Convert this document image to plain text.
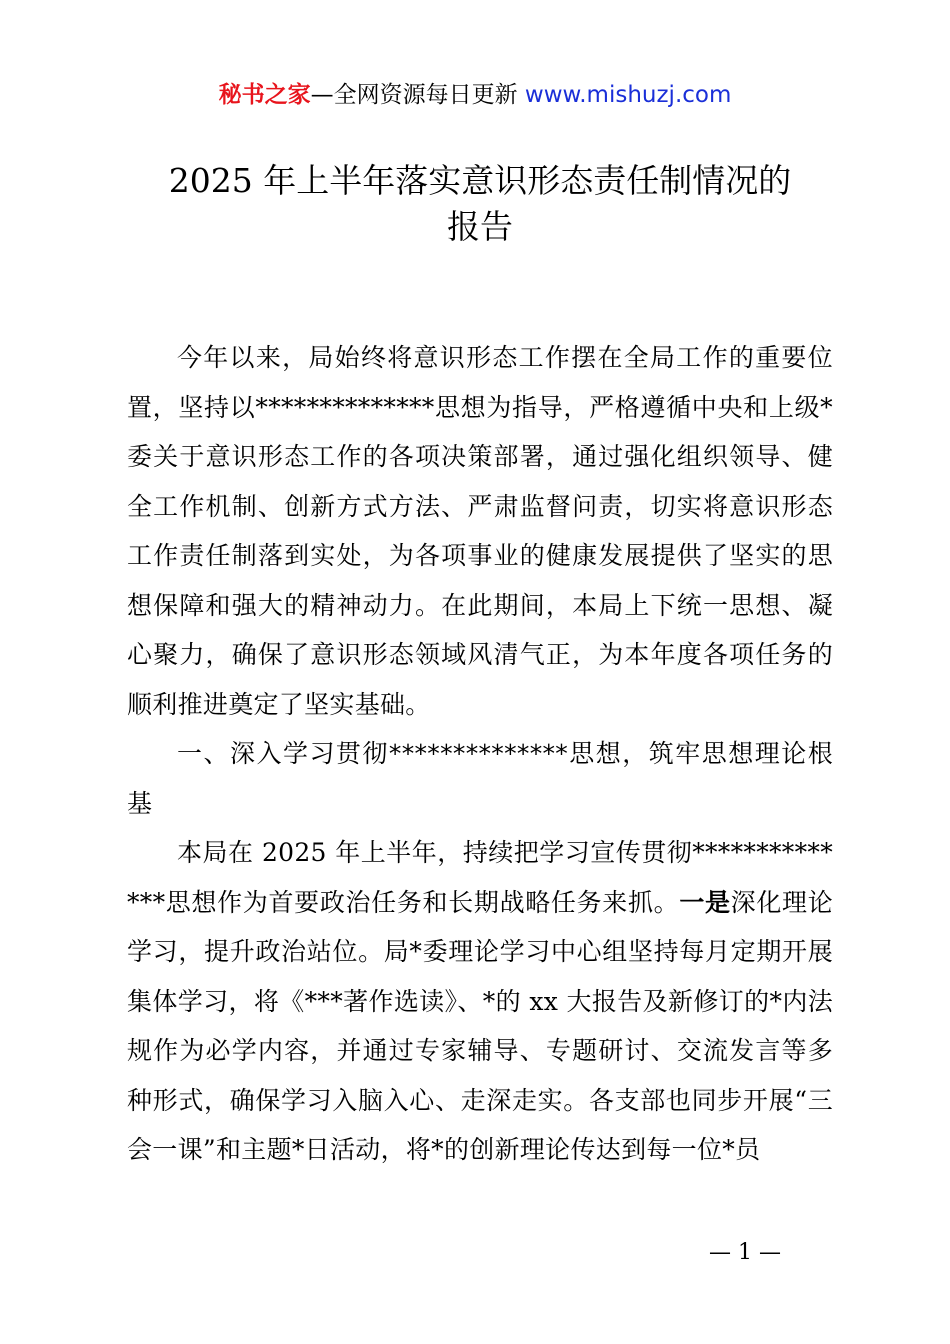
秘书之家—全网资源每日更新 www.mishuzj.com
2025 年上半年落实意识形态责任制情况的
报告

今年以来，局始终将意识形态工作摆在全局工作的重要位置，坚持以**************思想为指导，严格遵循中央和上级*委关于意识形态工作的各项决策部署，通过强化组织领导、健全工作机制、创新方式方法、严肃监督问责，切实将意识形态工作责任制落到实处，为各项事业的健康发展提供了坚实的思想保障和强大的精神动力。在此期间，本局上下统一思想、凝心聚力，确保了意识形态领域风清气正，为本年度各项任务的顺利推进奠定了坚实基础。

一、深入学习贯彻**************思想，筑牢思想理论根基

本局在 2025 年上半年，持续把学习宣传贯彻**************思想作为首要政治任务和长期战略任务来抓。一是深化理论学习，提升政治站位。局*委理论学习中心组坚持每月定期开展集体学习，将《***著作选读》、*的 xx 大报告及新修订的*内法规作为必学内容，并通过专家辅导、专题研讨、交流发言等多种形式，确保学习入脑入心、走深走实。各支部也同步开展“三会一课”和主题*日活动，将*的创新理论传达到每一位*员

— 1 —
